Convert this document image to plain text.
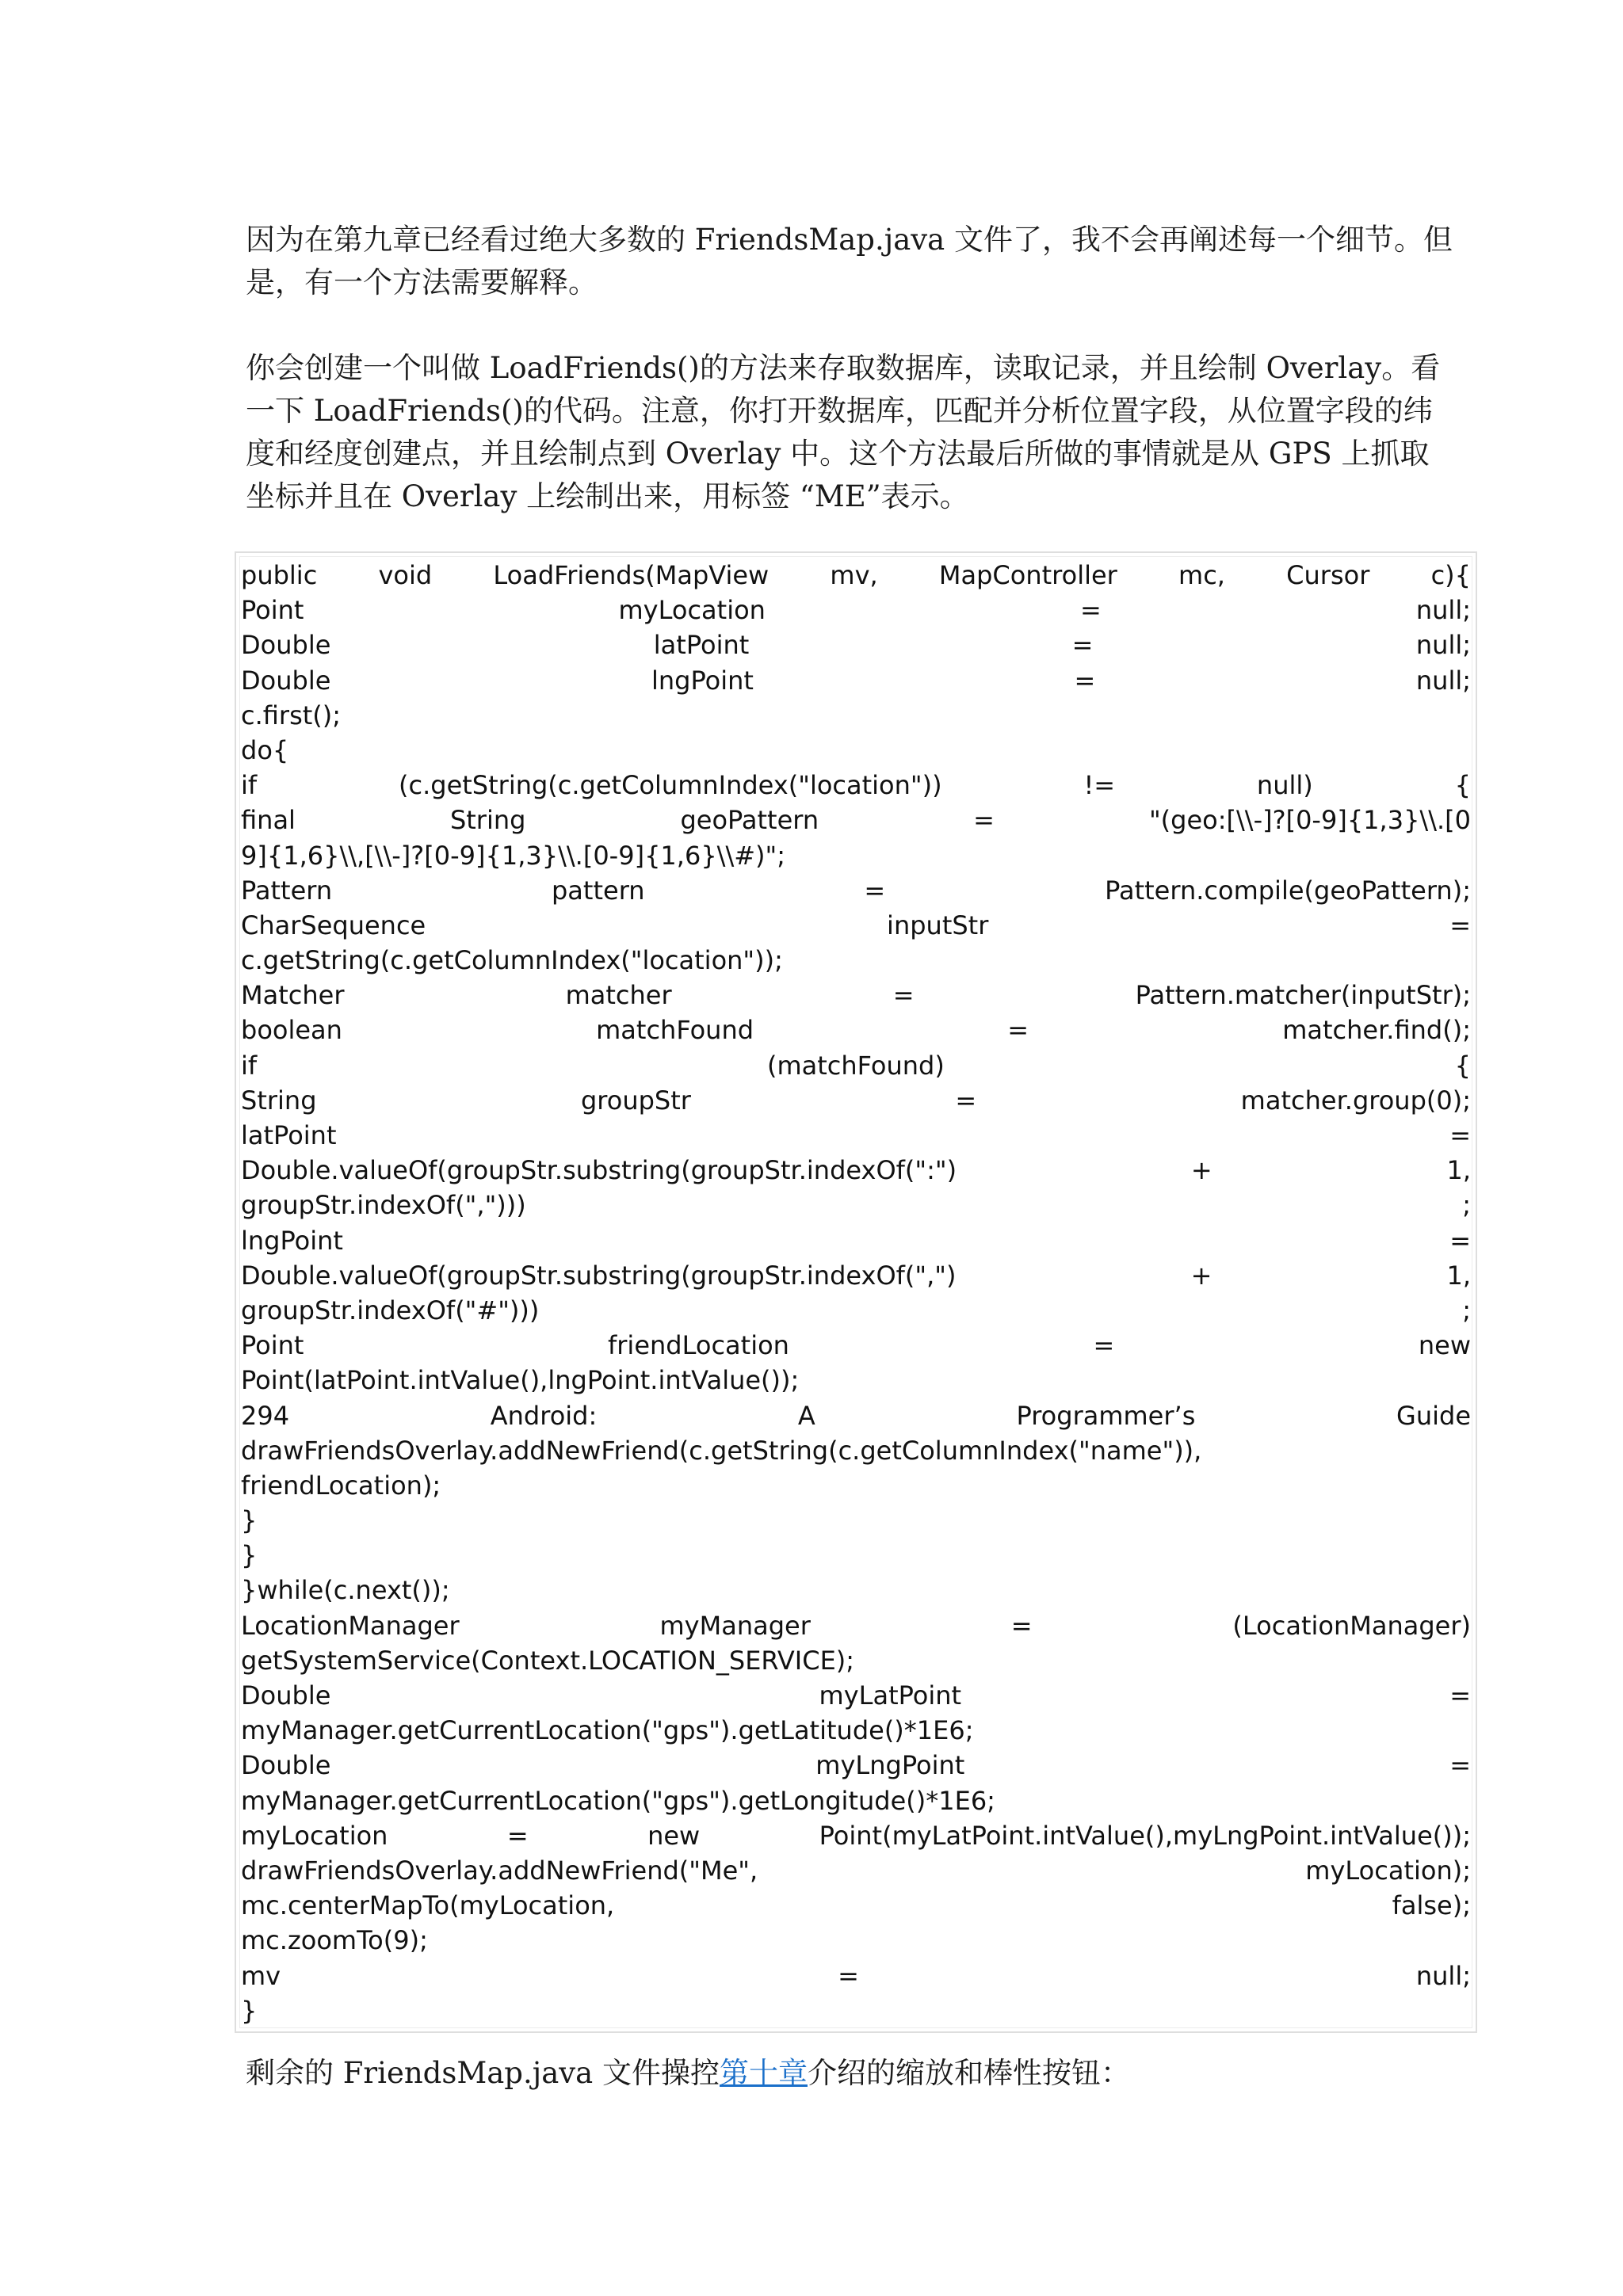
因为在第九章已经看过绝大多数的 FriendsMap.java 文件了，我不会再阐述每一个细节。但
是，有一个方法需要解释。

你会创建一个叫做 LoadFriends()的方法来存取数据库，读取记录，并且绘制 Overlay。看
一下 LoadFriends()的代码。注意，你打开数据库，匹配并分析位置字段，从位置字段的纬
度和经度创建点，并且绘制点到 Overlay 中。这个方法最后所做的事情就是从 GPS 上抓取
坐标并且在 Overlay 上绘制出来，用标签 “ME”表示。

public void LoadFriends(MapView mv, MapController mc, Cursor c){
Point	myLocation	=	null;
Double	latPoint	=	null;
Double	lngPoint	=	null;
c.first();
do{
if	(c.getString(c.getColumnIndex("location"))	!=	null)	{
final	String	geoPattern	=	"(geo:[\\-]?[0-9]{1,3}\\.[0
9]{1,6}\\,[\\-]?[0-9]{1,3}\\.[0-9]{1,6}\\#)";
Pattern	pattern	=	Pattern.compile(geoPattern);
CharSequence	inputStr	=
c.getString(c.getColumnIndex("location"));
Matcher	matcher	=	Pattern.matcher(inputStr);
boolean	matchFound	=	matcher.find();
if	(matchFound)	{
String	groupStr	=	matcher.group(0);
latPoint	=
Double.valueOf(groupStr.substring(groupStr.indexOf(":")	+	1,
groupStr.indexOf(",")))	;
lngPoint	=
Double.valueOf(groupStr.substring(groupStr.indexOf(",")	+	1,
groupStr.indexOf("#")))	;
Point	friendLocation	=	new
Point(latPoint.intValue(),lngPoint.intValue());
294	Android:	A	Programmer’s	Guide
drawFriendsOverlay.addNewFriend(c.getString(c.getColumnIndex("name")),
friendLocation);
}
}
}while(c.next());
LocationManager	myManager	=	(LocationManager)
getSystemService(Context.LOCATION_SERVICE);
Double	myLatPoint	=
myManager.getCurrentLocation("gps").getLatitude()*1E6;
Double	myLngPoint	=
myManager.getCurrentLocation("gps").getLongitude()*1E6;
myLocation	=	new	Point(myLatPoint.intValue(),myLngPoint.intValue());
drawFriendsOverlay.addNewFriend("Me",	myLocation);
mc.centerMapTo(myLocation,	false);
mc.zoomTo(9);
mv	=	null;
}

剩余的 FriendsMap.java 文件操控第十章介绍的缩放和棒性按钮：
